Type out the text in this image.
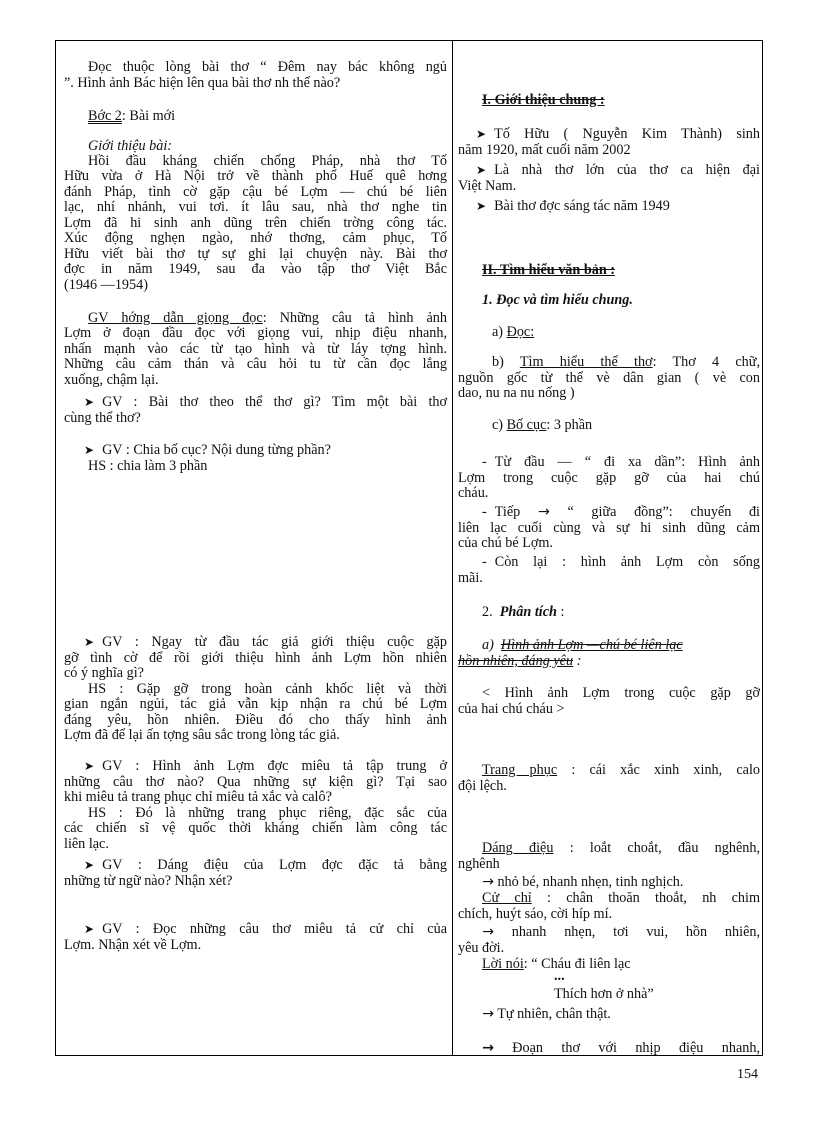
Đọc thuộc lòng bài thơ “ Đêm nay bác không ngủ
”. Hình ảnh Bác hiện lên qua bài thơ nh thế nào?
Bớc 2: Bài mới
Giới thiệu bài:
Hồi đầu kháng chiến chống Pháp, nhà thơ Tố
Hữu vừa ở Hà Nội trở về thành phố Huế quê hơng
đánh Pháp, tình cờ gặp cậu bé Lợm — chú bé liên
lạc, nhí nhảnh, vui tơi. ít lâu sau, nhà thơ nghe tin
Lợm đã hi sinh anh dũng trên chiến trờng công tác.
Xúc động nghẹn ngào, nhớ thơng, cảm phục, Tố
Hữu viết bài thơ tự sự ghi lại chuyện này. Bài thơ
đợc in năm 1949, sau đa vào tập thơ Việt Bắc
(1946 —1954)
GV hớng dẫn giọng đọc: Những câu tả hình ảnh
Lợm ở đoạn đầu đọc với giọng vui, nhịp điệu nhanh,
nhấn mạnh vào các từ tạo hình và từ láy tợng hình.
Những câu cảm thán và câu hỏi tu từ cần đọc lắng
xuống, chậm lại.
➤ GV : Bài thơ theo thể thơ gì? Tìm một bài thơ
cùng thể thơ?
➤ GV : Chia bố cục? Nội dung từng phần?
HS : chia làm 3 phần
➤ GV : Ngay từ đầu tác giả giới thiệu cuộc gặp
gỡ tình cờ để rồi giới thiệu hình ảnh Lợm hồn nhiên
có ý nghĩa gì?
HS : Gặp gỡ trong hoàn cảnh khốc liệt và thời
gian ngắn ngủi, tác giả vẫn kịp nhận ra chú bé Lợm
đáng yêu, hồn nhiên. Điều đó cho thấy hình ảnh
Lợm đã để lại ấn tợng sâu sắc trong lòng tác giả.
➤ GV : Hình ảnh Lợm đợc miêu tả tập trung ở
những câu thơ nào? Qua những sự kiện gì? Tại sao
khi miêu tả trang phục chỉ miêu tả xắc và calô?
HS : Đó là những trang phục riêng, đặc sắc của
các chiến sĩ vệ quốc thời kháng chiến làm công tác
liên lạc.
➤ GV : Dáng điệu của Lợm đợc đặc tả bằng
những từ ngữ nào? Nhận xét?
➤ GV : Đọc những câu thơ miêu tả cử chỉ của
Lợm. Nhận xét về Lợm.
I. Giới thiệu chung :
➤ Tố Hữu ( Nguyễn Kim Thành) sinh
năm 1920, mất cuối năm 2002
➤ Là nhà thơ lớn của thơ ca hiện đại
Việt Nam.
➤ Bài thơ đợc sáng tác năm 1949
II. Tìm hiểu văn bản :
1. Đọc và tìm hiểu chung.
a) Đọc:
b) Tìm hiểu thể thơ: Thơ 4 chữ,
nguồn gốc từ thể vè dân gian ( vè con
dao, nu na nu nống )
c) Bố cục: 3 phần
- Từ đầu — “ đi xa dần”: Hình ảnh
Lợm trong cuộc gặp gỡ của hai chú
cháu.
- Tiếp → “ giữa đồng”: chuyến đi
liên lạc cuối cùng và sự hi sinh dũng cảm
của chú bé Lợm.
- Còn lại : hình ảnh Lợm còn sống
mãi.
2. Phân tích :
a) Hình ảnh Lợm —chú bé liên lạc
hồn nhiên, đáng yêu :
< Hình ảnh Lợm trong cuộc gặp gỡ
của hai chú cháu >
Trang phục : cái xắc xinh xinh, calo
đội lệch.
Dáng điệu : loắt choắt, đầu nghênh,
nghênh
→ nhỏ bé, nhanh nhẹn, tinh nghịch.
Cử chỉ : chân thoăn thoắt, nh chim
chích, huýt sáo, cời híp mí.
→ nhanh nhẹn, tơi vui, hồn nhiên,
yêu đời.
Lời nói: “ Cháu đi liên lạc
...
Thích hơn ở nhà”
→ Tự nhiên, chân thật.
→ Đoạn thơ với nhịp điệu nhanh,
154
